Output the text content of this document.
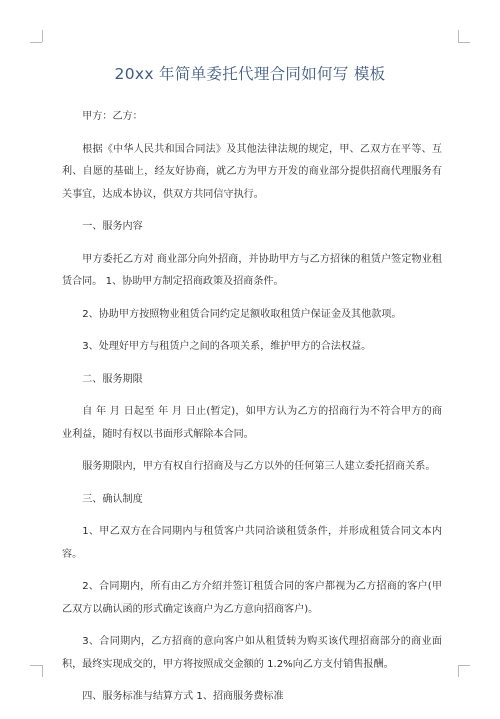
20xx 年简单委托代理合同如何写 模板

甲方：乙方：

根据《中华人民共和国合同法》及其他法律法规的规定，甲、乙双方在平等、互利、自愿的基础上，经友好协商，就乙方为甲方开发的商业部分提供招商代理服务有关事宜，达成本协议，供双方共同信守执行。

一、服务内容

甲方委托乙方对 商业部分向外招商，并协助甲方与乙方招徕的租赁户签定物业租赁合同。 1、协助甲方制定招商政策及招商条件。

2、协助甲方按照物业租赁合同约定足额收取租赁户保证金及其他款项。

3、处理好甲方与租赁户之间的各项关系，维护甲方的合法权益。

二、服务期限

自 年 月 日起至 年 月 日止(暂定)，如甲方认为乙方的招商行为不符合甲方的商业利益，随时有权以书面形式解除本合同。

服务期限内，甲方有权自行招商及与乙方以外的任何第三人建立委托招商关系。

三、确认制度

1、甲乙双方在合同期内与租赁客户共同洽谈租赁条件，并形成租赁合同文本内容。

2、合同期内，所有由乙方介绍并签订租赁合同的客户都视为乙方招商的客户(甲乙双方以确认函的形式确定该商户为乙方意向招商客户)。

3、合同期内，乙方招商的意向客户如从租赁转为购买该代理招商部分的商业面积，最终实现成交的，甲方将按照成交金额的 1.2%向乙方支付销售报酬。

四、服务标准与结算方式 1、招商服务费标准
